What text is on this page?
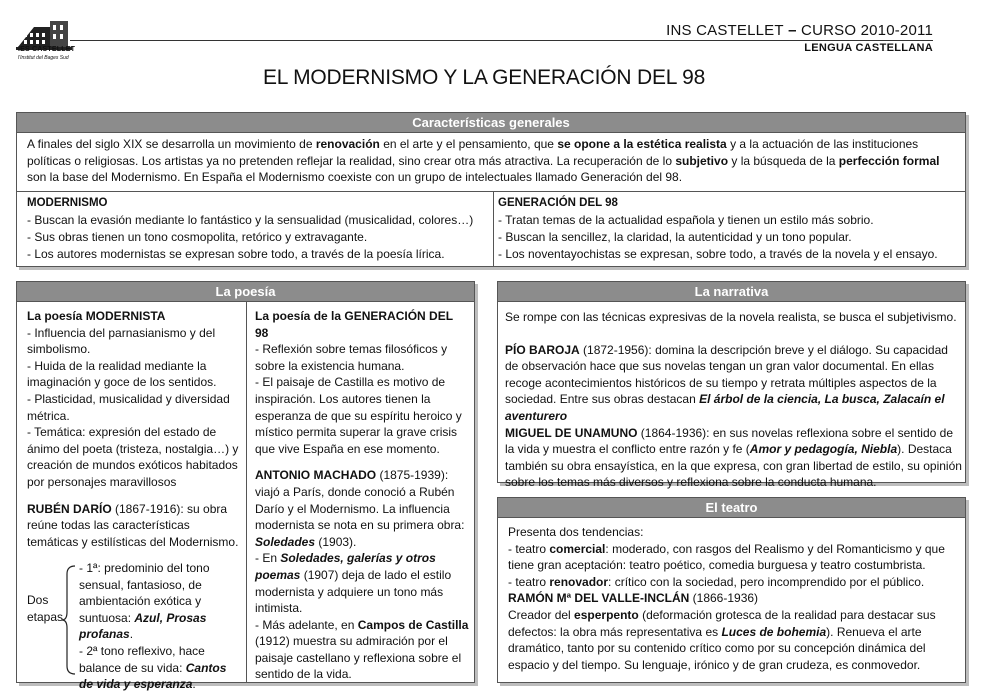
IES CASTELLET
l'Institut del Bages Sud
INS CASTELLET – CURSO 2010-2011
LENGUA CASTELLANA
EL MODERNISMO Y LA GENERACIÓN DEL 98
Características generales

A finales del siglo XIX se desarrolla un movimiento de renovación en el arte y el pensamiento, que se opone a la estética realista y a la actuación de las instituciones políticas o religiosas. Los artistas ya no pretenden reflejar la realidad, sino crear otra más atractiva. La recuperación de lo subjetivo y la búsqueda de la perfección formal son la base del Modernismo. En España el Modernismo coexiste con un grupo de intelectuales llamado Generación del 98.

MODERNISMO
- Buscan la evasión mediante lo fantástico y la sensualidad (musicalidad, colores…)
- Sus obras tienen un tono cosmopolita, retórico y extravagante.
- Los autores modernistas se expresan sobre todo, a través de la poesía lírica.
GENERACIÓN DEL 98
- Tratan temas de la actualidad española y tienen un estilo más sobrio.
- Buscan la sencillez, la claridad, la autenticidad y un tono popular.
- Los noventayochistas se expresan, sobre todo, a través de la novela y el ensayo.
La poesía
La poesía MODERNISTA
- Influencia del parnasianismo y del simbolismo.
- Huida de la realidad mediante la imaginación y goce de los sentidos.
- Plasticidad, musicalidad y diversidad métrica.
- Temática: expresión del estado de ánimo del poeta (tristeza, nostalgia…) y creación de mundos exóticos habitados por personajes maravillosos
RUBÉN DARÍO (1867-1916): su obra reúne todas las características temáticas y estilísticas del Modernismo.
Dos etapas
- 1ª: predominio del tono sensual, fantasioso, de ambientación exótica y suntuosa: Azul, Prosas profanas.
- 2ª tono reflexivo, hace balance de su vida: Cantos de vida y esperanza.
La poesía de la GENERACIÓN DEL 98
- Reflexión sobre temas filosóficos y sobre la existencia humana.
- El paisaje de Castilla es motivo de inspiración. Los autores tienen la esperanza de que su espíritu heroico y místico permita superar la grave crisis que vive España en ese momento.
ANTONIO MACHADO (1875-1939): viajó a París, donde conoció a Rubén Darío y el Modernismo. La influencia modernista se nota en su primera obra: Soledades (1903).
- En Soledades, galerías y otros poemas (1907) deja de lado el estilo modernista y adquiere un tono más intimista.
- Más adelante, en Campos de Castilla (1912) muestra su admiración por el paisaje castellano y reflexiona sobre el sentido de la vida.
La narrativa
Se rompe con las técnicas expresivas de la novela realista, se busca el subjetivismo.
PÍO BAROJA (1872-1956): domina la descripción breve y el diálogo. Su capacidad de observación hace que sus novelas tengan un gran valor documental. En ellas recoge acontecimientos históricos de su tiempo y retrata múltiples aspectos de la sociedad. Entre sus obras destacan El árbol de la ciencia, La busca, Zalacaín el aventurero
MIGUEL DE UNAMUNO (1864-1936): en sus novelas reflexiona sobre el sentido de la vida y muestra el conflicto entre razón y fe (Amor y pedagogía, Niebla). Destaca también su obra ensayística, en la que expresa, con gran libertad de estilo, su opinión sobre los temas más diversos y reflexiona sobre la conducta humana.
El teatro
Presenta dos tendencias:
- teatro comercial: moderado, con rasgos del Realismo y del Romanticismo y que tiene gran aceptación: teatro poético, comedia burguesa y teatro costumbrista.
- teatro renovador: crítico con la sociedad, pero incomprendido por el público.
RAMÓN Mª DEL VALLE-INCLÁN (1866-1936)
Creador del esperpento (deformación grotesca de la realidad para destacar sus defectos: la obra más representativa es Luces de bohemia). Renueva el arte dramático, tanto por su contenido crítico como por su concepción dinámica del espacio y del tiempo. Su lenguaje, irónico y de gran crudeza, es conmovedor.
